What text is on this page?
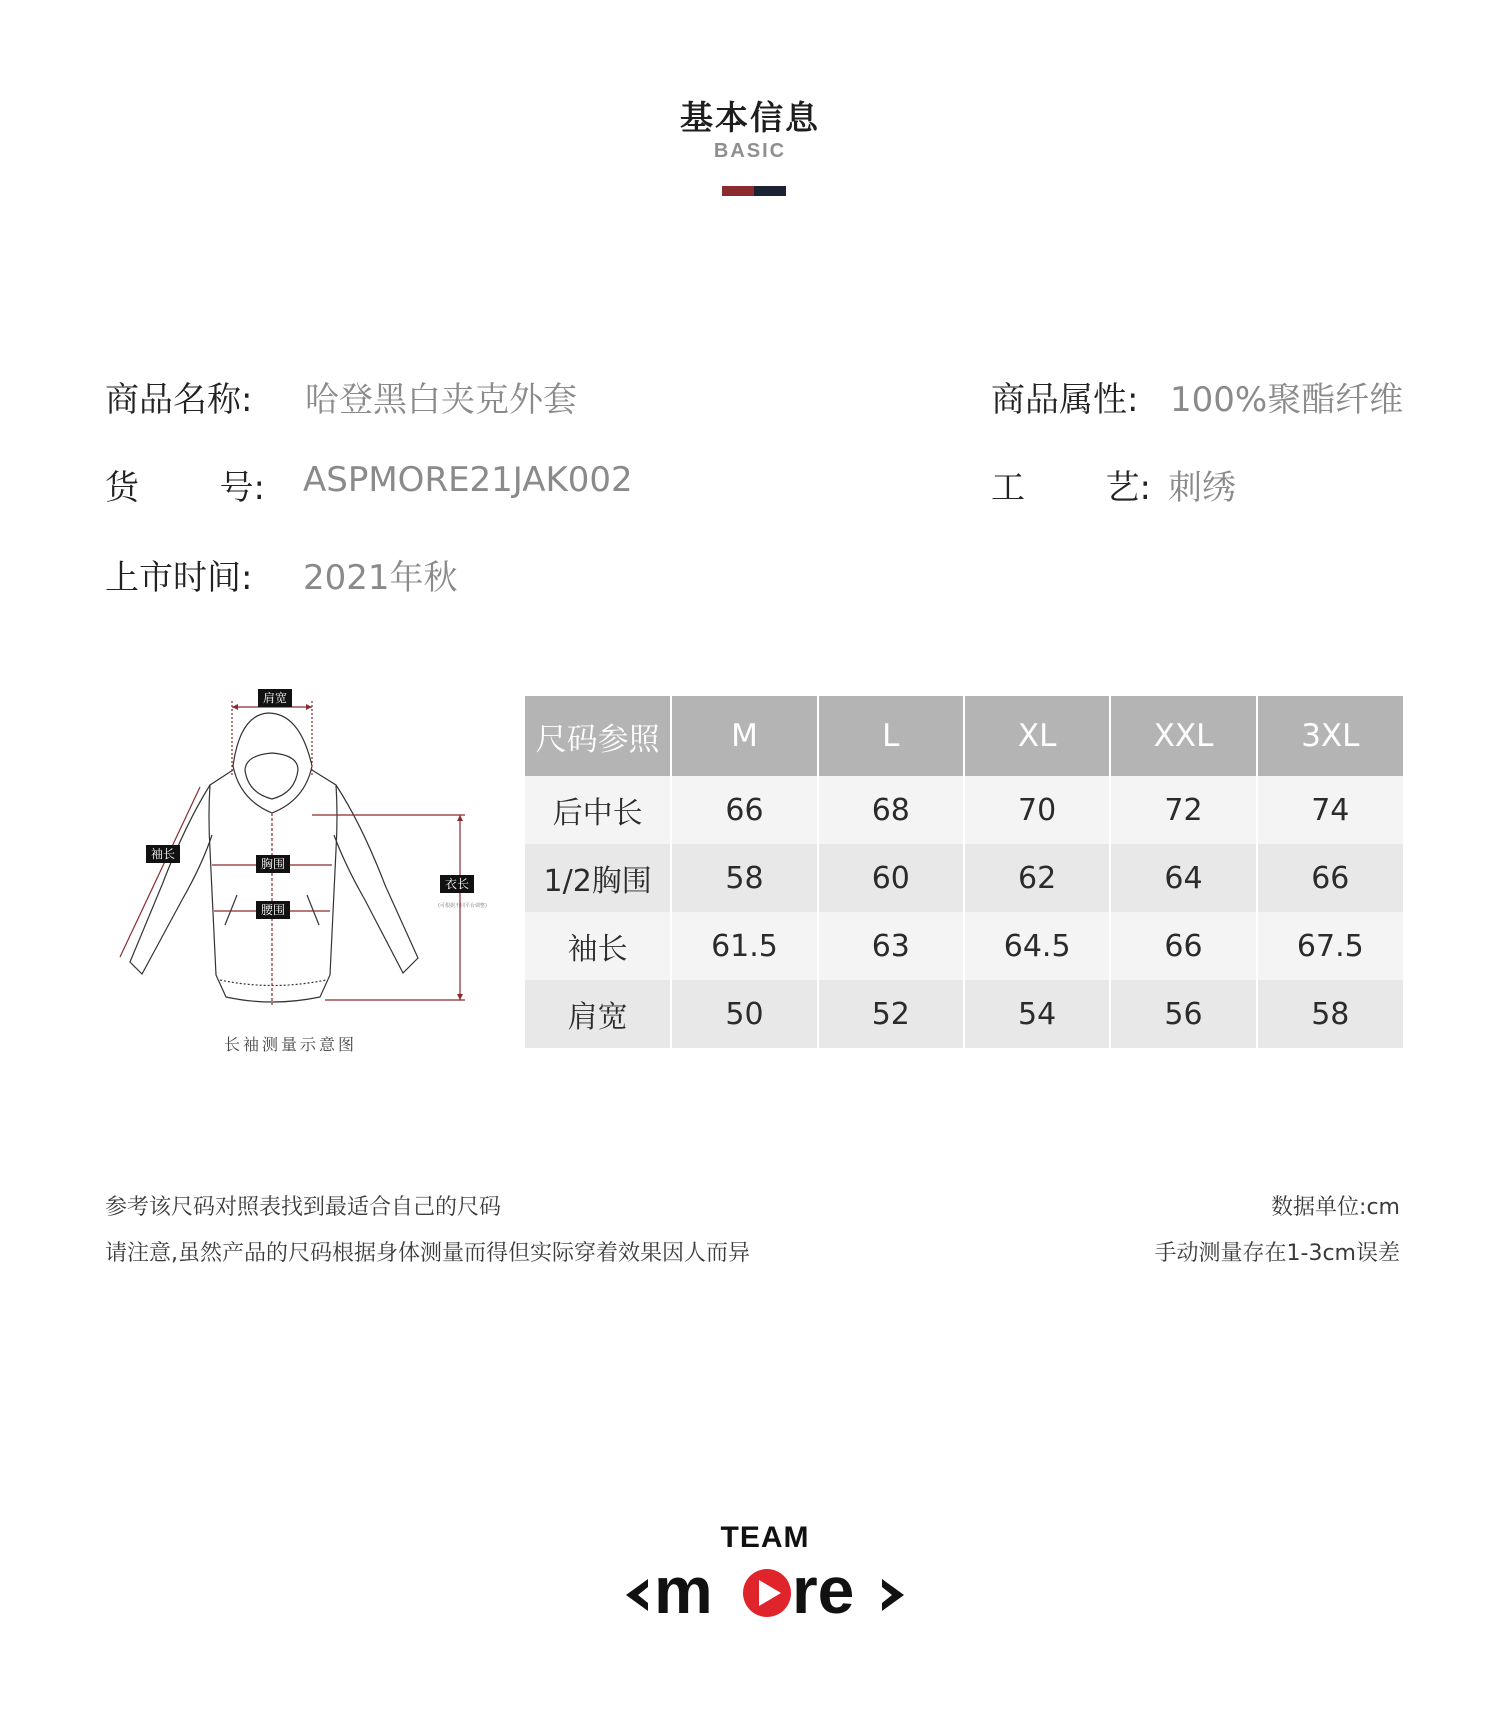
基本信息
BASIC
商品名称: 哈登黑白夹克外套	商品属性: 100%聚酯纤维
货 号: ASPMORE21JAK002	工 艺: 刺绣
上市时间: 2021年秋
肩宽
袖长
胸围
腰围
衣长
(可根据不同平台调整)
长袖测量示意图
尺码参照	M	L	XL	XXL	3XL
后中长	66	68	70	72	74
1/2胸围	58	60	62	64	66
袖长	61.5	63	64.5	66	67.5
肩宽	50	52	54	56	58
参考该尺码对照表找到最适合自己的尺码
请注意,虽然产品的尺码根据身体测量而得但实际穿着效果因人而异
数据单位:cm
手动测量存在1-3cm误差
TEAM
m re
